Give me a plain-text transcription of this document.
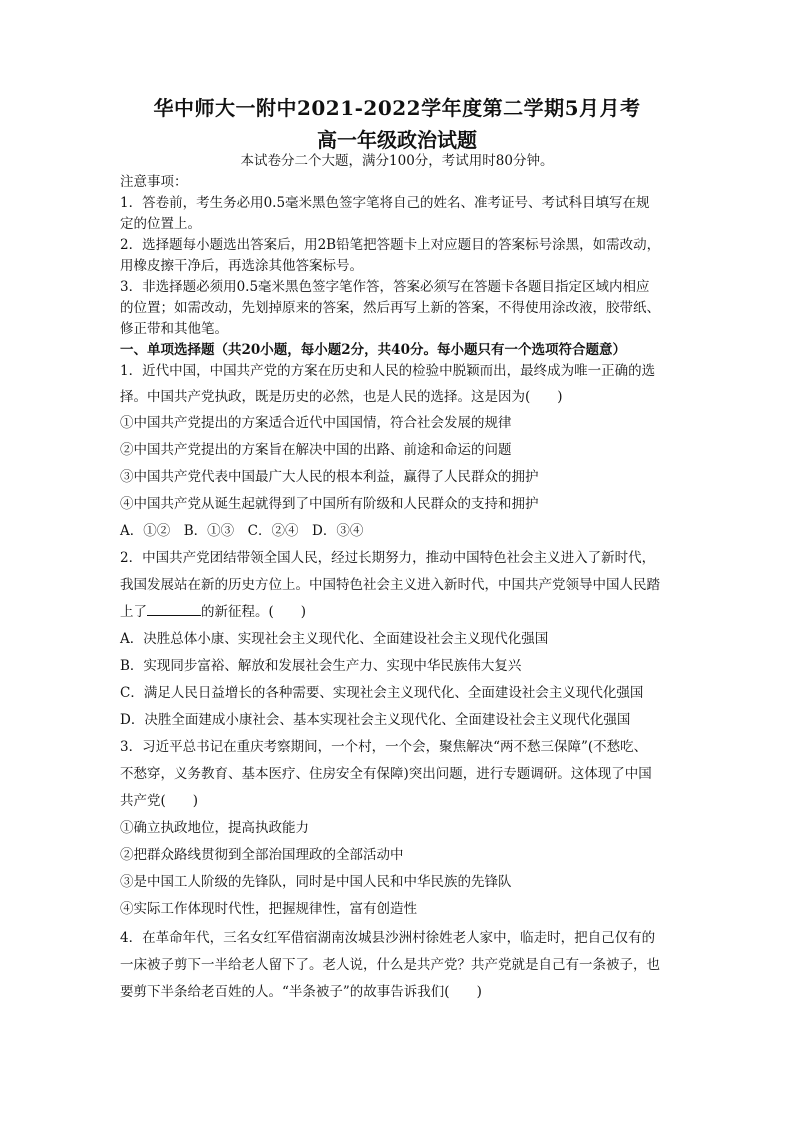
华中师大一附中2021-2022学年度第二学期5月月考
高一年级政治试题
本试卷分二个大题，满分100分，考试用时80分钟。
注意事项：
1．答卷前，考生务必用0.5毫米黑色签字笔将自己的姓名、准考证号、考试科目填写在规
定的位置上。
2．选择题每小题选出答案后，用2B铅笔把答题卡上对应题目的答案标号涂黑，如需改动，
用橡皮擦干净后，再选涂其他答案标号。
3．非选择题必须用0.5毫米黑色签字笔作答，答案必须写在答题卡各题目指定区域内相应
的位置；如需改动，先划掉原来的答案，然后再写上新的答案，不得使用涂改液，胶带纸、
修正带和其他笔。
一、单项选择题（共20小题，每小题2分，共40分。每小题只有一个选项符合题意）
1．近代中国，中国共产党的方案在历史和人民的检验中脱颖而出，最终成为唯一正确的选
择。中国共产党执政，既是历史的必然，也是人民的选择。这是因为(　　)
①中国共产党提出的方案适合近代中国国情，符合社会发展的规律
②中国共产党提出的方案旨在解决中国的出路、前途和命运的问题
③中国共产党代表中国最广大人民的根本利益，赢得了人民群众的拥护
④中国共产党从诞生起就得到了中国所有阶级和人民群众的支持和拥护
A．①②　B．①③　C．②④　D．③④
2．中国共产党团结带领全国人民，经过长期努力，推动中国特色社会主义进入了新时代，
我国发展站在新的历史方位上。中国特色社会主义进入新时代，中国共产党领导中国人民踏
上了	的新征程。(　　)
A．决胜总体小康、实现社会主义现代化、全面建设社会主义现代化强国
B．实现同步富裕、解放和发展社会生产力、实现中华民族伟大复兴
C．满足人民日益增长的各种需要、实现社会主义现代化、全面建设社会主义现代化强国
D．决胜全面建成小康社会、基本实现社会主义现代化、全面建设社会主义现代化强国
3．习近平总书记在重庆考察期间，一个村，一个会，聚焦解决“两不愁三保障”(不愁吃、
不愁穿，义务教育、基本医疗、住房安全有保障)突出问题，进行专题调研。这体现了中国
共产党(　　)
①确立执政地位，提高执政能力
②把群众路线贯彻到全部治国理政的全部活动中
③是中国工人阶级的先锋队，同时是中国人民和中华民族的先锋队
④实际工作体现时代性，把握规律性，富有创造性
4．在革命年代，三名女红军借宿湖南汝城县沙洲村徐姓老人家中，临走时，把自己仅有的
一床被子剪下一半给老人留下了。老人说，什么是共产党？共产党就是自己有一条被子，也
要剪下半条给老百姓的人。“半条被子”的故事告诉我们(　　)
